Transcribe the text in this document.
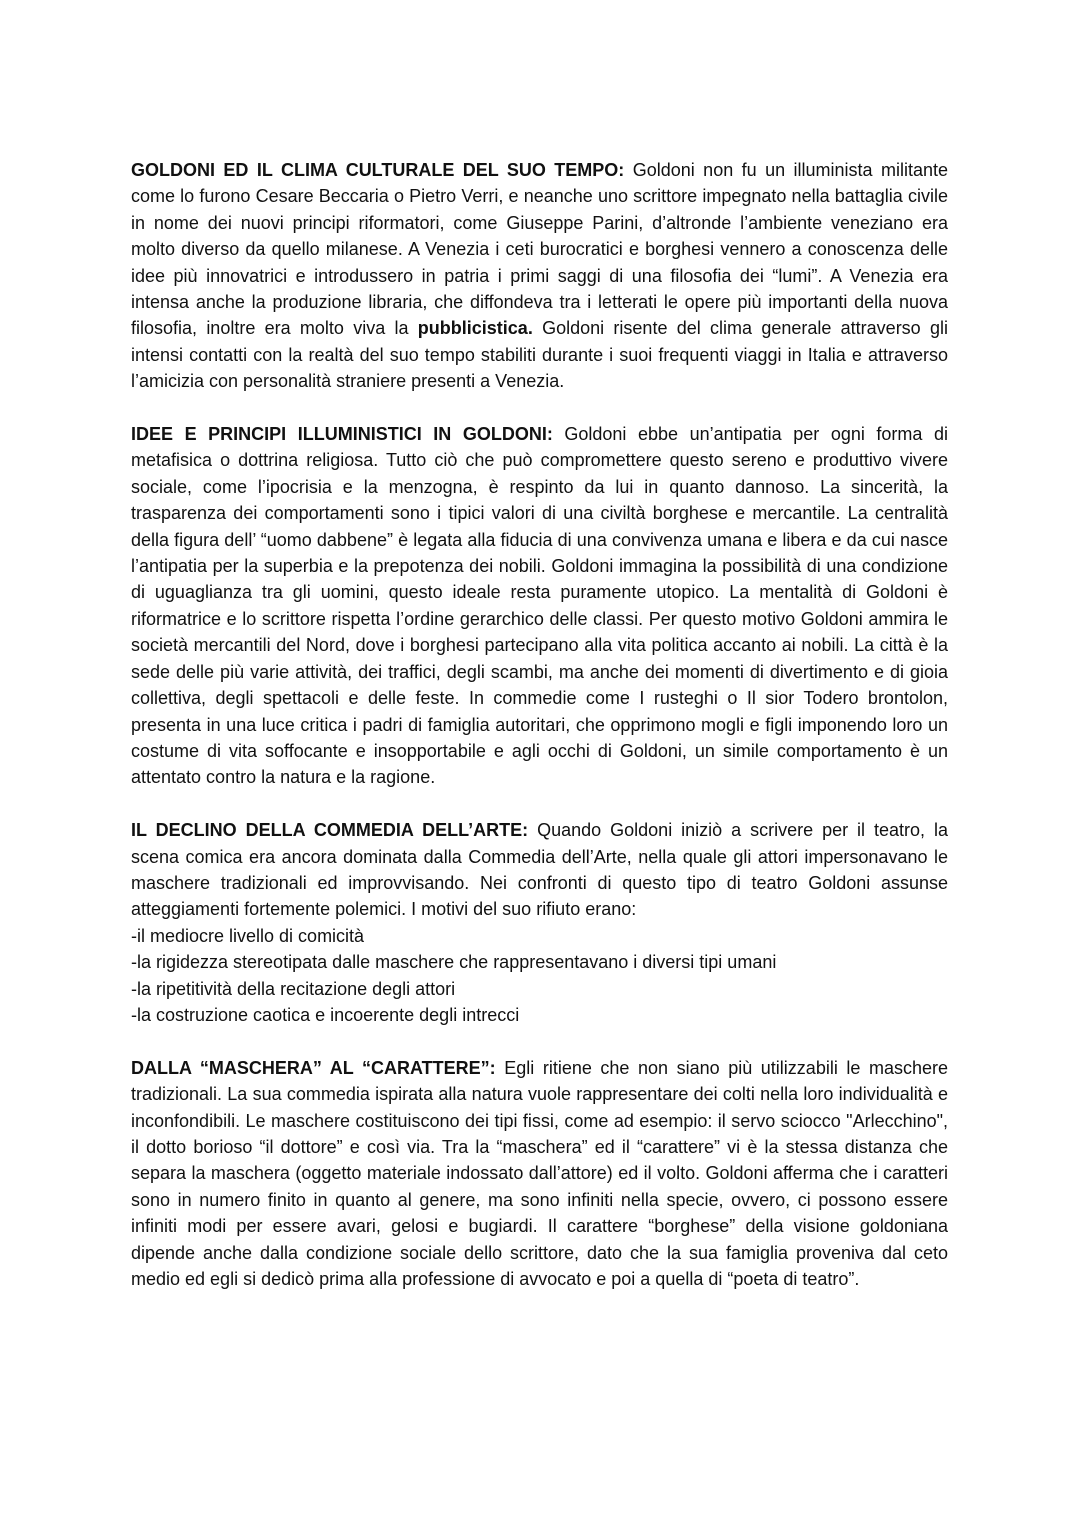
GOLDONI ED IL CLIMA CULTURALE DEL SUO TEMPO: Goldoni non fu un illuminista militante come lo furono Cesare Beccaria o Pietro Verri, e neanche uno scrittore impegnato nella battaglia civile in nome dei nuovi principi riformatori, come Giuseppe Parini, d’altronde l’ambiente veneziano era molto diverso da quello milanese. A Venezia i ceti burocratici e borghesi vennero a conoscenza delle idee più innovatrici e introdussero in patria i primi saggi di una filosofia dei “lumi”. A Venezia era intensa anche la produzione libraria, che diffondeva tra i letterati le opere più importanti della nuova filosofia, inoltre era molto viva la pubblicistica. Goldoni risente del clima generale attraverso gli intensi contatti con la realtà del suo tempo stabiliti durante i suoi frequenti viaggi in Italia e attraverso l’amicizia con personalità straniere presenti a Venezia.

IDEE E PRINCIPI ILLUMINISTICI IN GOLDONI: Goldoni ebbe un’antipatia per ogni forma di metafisica o dottrina religiosa. Tutto ciò che può compromettere questo sereno e produttivo vivere sociale, come l’ipocrisia e la menzogna, è respinto da lui in quanto dannoso. La sincerità, la trasparenza dei comportamenti sono i tipici valori di una civiltà borghese e mercantile. La centralità della figura dell’ “uomo dabbene” è legata alla fiducia di una convivenza umana e libera e da cui nasce l’antipatia per la superbia e la prepotenza dei nobili. Goldoni immagina la possibilità di una condizione di uguaglianza tra gli uomini, questo ideale resta puramente utopico. La mentalità di Goldoni è riformatrice e lo scrittore rispetta l’ordine gerarchico delle classi. Per questo motivo Goldoni ammira le società mercantili del Nord, dove i borghesi partecipano alla vita politica accanto ai nobili. La città è la sede delle più varie attività, dei traffici, degli scambi, ma anche dei momenti di divertimento e di gioia collettiva, degli spettacoli e delle feste. In commedie come I rusteghi o Il sior Todero brontolon, presenta in una luce critica i padri di famiglia autoritari, che opprimono mogli e figli imponendo loro un costume di vita soffocante e insopportabile e agli occhi di Goldoni, un simile comportamento è un attentato contro la natura e la ragione.

IL DECLINO DELLA COMMEDIA DELL’ARTE: Quando Goldoni iniziò a scrivere per il teatro, la scena comica era ancora dominata dalla Commedia dell’Arte, nella quale gli attori impersonavano le maschere tradizionali ed improvvisando. Nei confronti di questo tipo di teatro Goldoni assunse atteggiamenti fortemente polemici. I motivi del suo rifiuto erano:

-il mediocre livello di comicità
-la rigidezza stereotipata dalle maschere che rappresentavano i diversi tipi umani
-la ripetitività della recitazione degli attori
-la costruzione caotica e incoerente degli intrecci

DALLA “MASCHERA” AL “CARATTERE”: Egli ritiene che non siano più utilizzabili le maschere tradizionali. La sua commedia ispirata alla natura vuole rappresentare dei colti nella loro individualità e inconfondibili. Le maschere costituiscono dei tipi fissi, come ad esempio: il servo sciocco "Arlecchino", il dotto borioso “il dottore” e così via. Tra la “maschera” ed il “carattere” vi è la stessa distanza che separa la maschera (oggetto materiale indossato dall’attore) ed il volto. Goldoni afferma che i caratteri sono in numero finito in quanto al genere, ma sono infiniti nella specie, ovvero, ci possono essere infiniti modi per essere avari, gelosi e bugiardi. Il carattere “borghese” della visione goldoniana dipende anche dalla condizione sociale dello scrittore, dato che la sua famiglia proveniva dal ceto medio ed egli si dedicò prima alla professione di avvocato e poi a quella di “poeta di teatro”.
